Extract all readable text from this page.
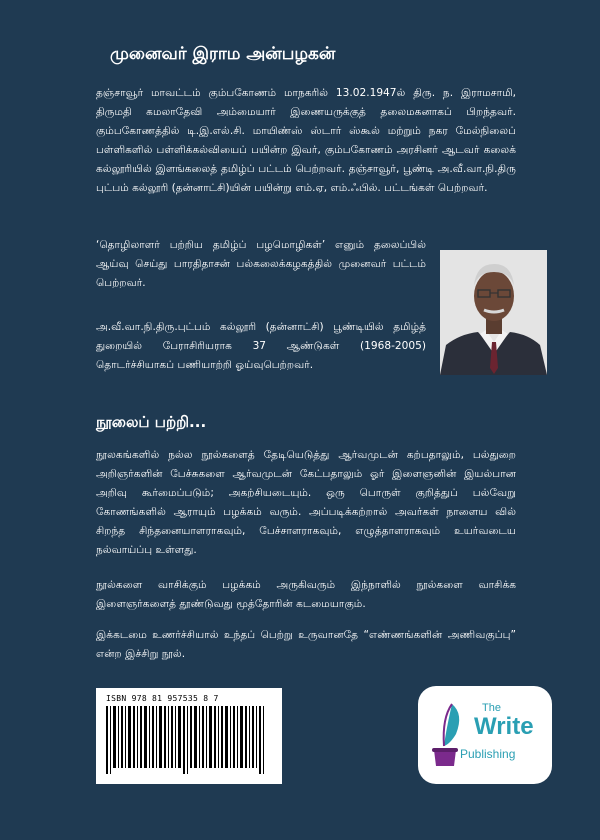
முனைவர் இராம அன்பழகன்

தஞ்சாவூர் மாவட்டம் கும்பகோணம் மாநகரில் 13.02.1947ல் திரு. ந. இராமசாமி, திருமதி கமலாதேவி அம்மையார் இணையருக்குத் தலைமகனாகப் பிறந்தவர். கும்பகோணத்தில் டி.இ.எல்.சி. மாயிண்ஸ் ஸ்டார் ஸ்கூல் மற்றும் நகர மேல்நிலைப் பள்ளிகளில் பள்ளிக்கல்வியைப் பயின்ற இவர், கும்பகோணம் அரசினர் ஆடவர் கலைக் கல்லூரியில் இளங்கலைத் தமிழ்ப் பட்டம் பெற்றவர். தஞ்சாவூர், பூண்டி அ.வீ.வா.நி.திரு புட்பம் கல்லூரி (தன்னாட்சி)யின் பயின்று எம்.ஏ, எம்.ஃபில். பட்டங்கள் பெற்றவர்.

‘தொழிலாளர் பற்றிய தமிழ்ப் பழமொழிகள்’ எனும் தலைப்பில் ஆய்வு செய்து பாரதிதாசன் பல்கலைக்கழகத்தில் முனைவர் பட்டம் பெற்றவர்.

அ.வீ.வா.நி.திரு.புட்பம் கல்லூரி (தன்னாட்சி) பூண்டியில் தமிழ்த் துறையில் பேராசிரியராக 37 ஆண்டுகள் (1968-2005) தொடர்ச்சியாகப் பணியாற்றி ஓய்வுபெற்றவர்.

நூலைப் பற்றி...

நூலகங்களில் நல்ல நூல்களைத் தேடியெடுத்து ஆர்வமுடன் கற்பதாலும், பல்துறை அறிஞர்களின் பேச்சுகளை ஆர்வமுடன் கேட்பதாலும் ஓர் இளைஞனின் இயல்பான அறிவு கூர்மைப்படும்; அகற்சியடையும். ஒரு பொருள் குறித்துப் பல்வேறு கோணங்களில் ஆராயும் பழக்கம் வரும். அப்படிக்கற்றால் அவர்கள் நாளைய வில் சிறந்த சிந்தனையாளராகவும், பேச்சாளராகவும், எழுத்தாளராகவும் உயர்வடைய நல்வாய்ப்பு உள்ளது.

நூல்களை வாசிக்கும் பழக்கம் அருகிவரும் இந்நாளில் நூல்களை வாசிக்க இளைஞர்களைத் தூண்டுவது மூத்தோரின் கடமையாகும்.

இக்கடமை உணர்ச்சியால் உந்தப் பெற்று உருவானதே “எண்ணங்களின் அணிவகுப்பு” என்ற இச்சிறு நூல்.

ISBN 978 81 957535 8 7
The
Write
Publishing
